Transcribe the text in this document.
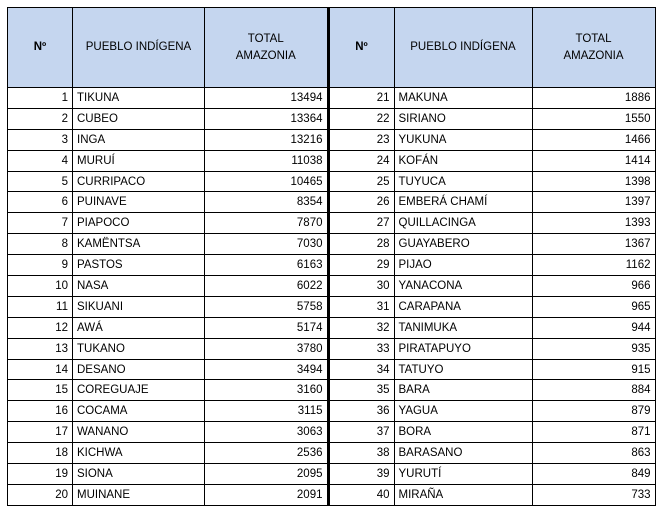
Nº	PUEBLO INDÍGENA	TOTAL
AMAZONIA
1	TIKUNA	13494
2	CUBEO	13364
3	INGA	13216
4	MURUÍ	11038
5	CURRIPACO	10465
6	PUINAVE	8354
7	PIAPOCO	7870
8	KAMËNTSA	7030
9	PASTOS	6163
10	NASA	6022
11	SIKUANI	5758
12	AWÁ	5174
13	TUKANO	3780
14	DESANO	3494
15	COREGUAJE	3160
16	COCAMA	3115
17	WANANO	3063
18	KICHWA	2536
19	SIONA	2095
20	MUINANE	2091
Nº	PUEBLO INDÍGENA	TOTAL
AMAZONIA
21	MAKUNA	1886
22	SIRIANO	1550
23	YUKUNA	1466
24	KOFÁN	1414
25	TUYUCA	1398
26	EMBERÁ CHAMÍ	1397
27	QUILLACINGA	1393
28	GUAYABERO	1367
29	PIJAO	1162
30	YANACONA	966
31	CARAPANA	965
32	TANIMUKA	944
33	PIRATAPUYO	935
34	TATUYO	915
35	BARA	884
36	YAGUA	879
37	BORA	871
38	BARASANO	863
39	YURUTÍ	849
40	MIRAÑA	733
